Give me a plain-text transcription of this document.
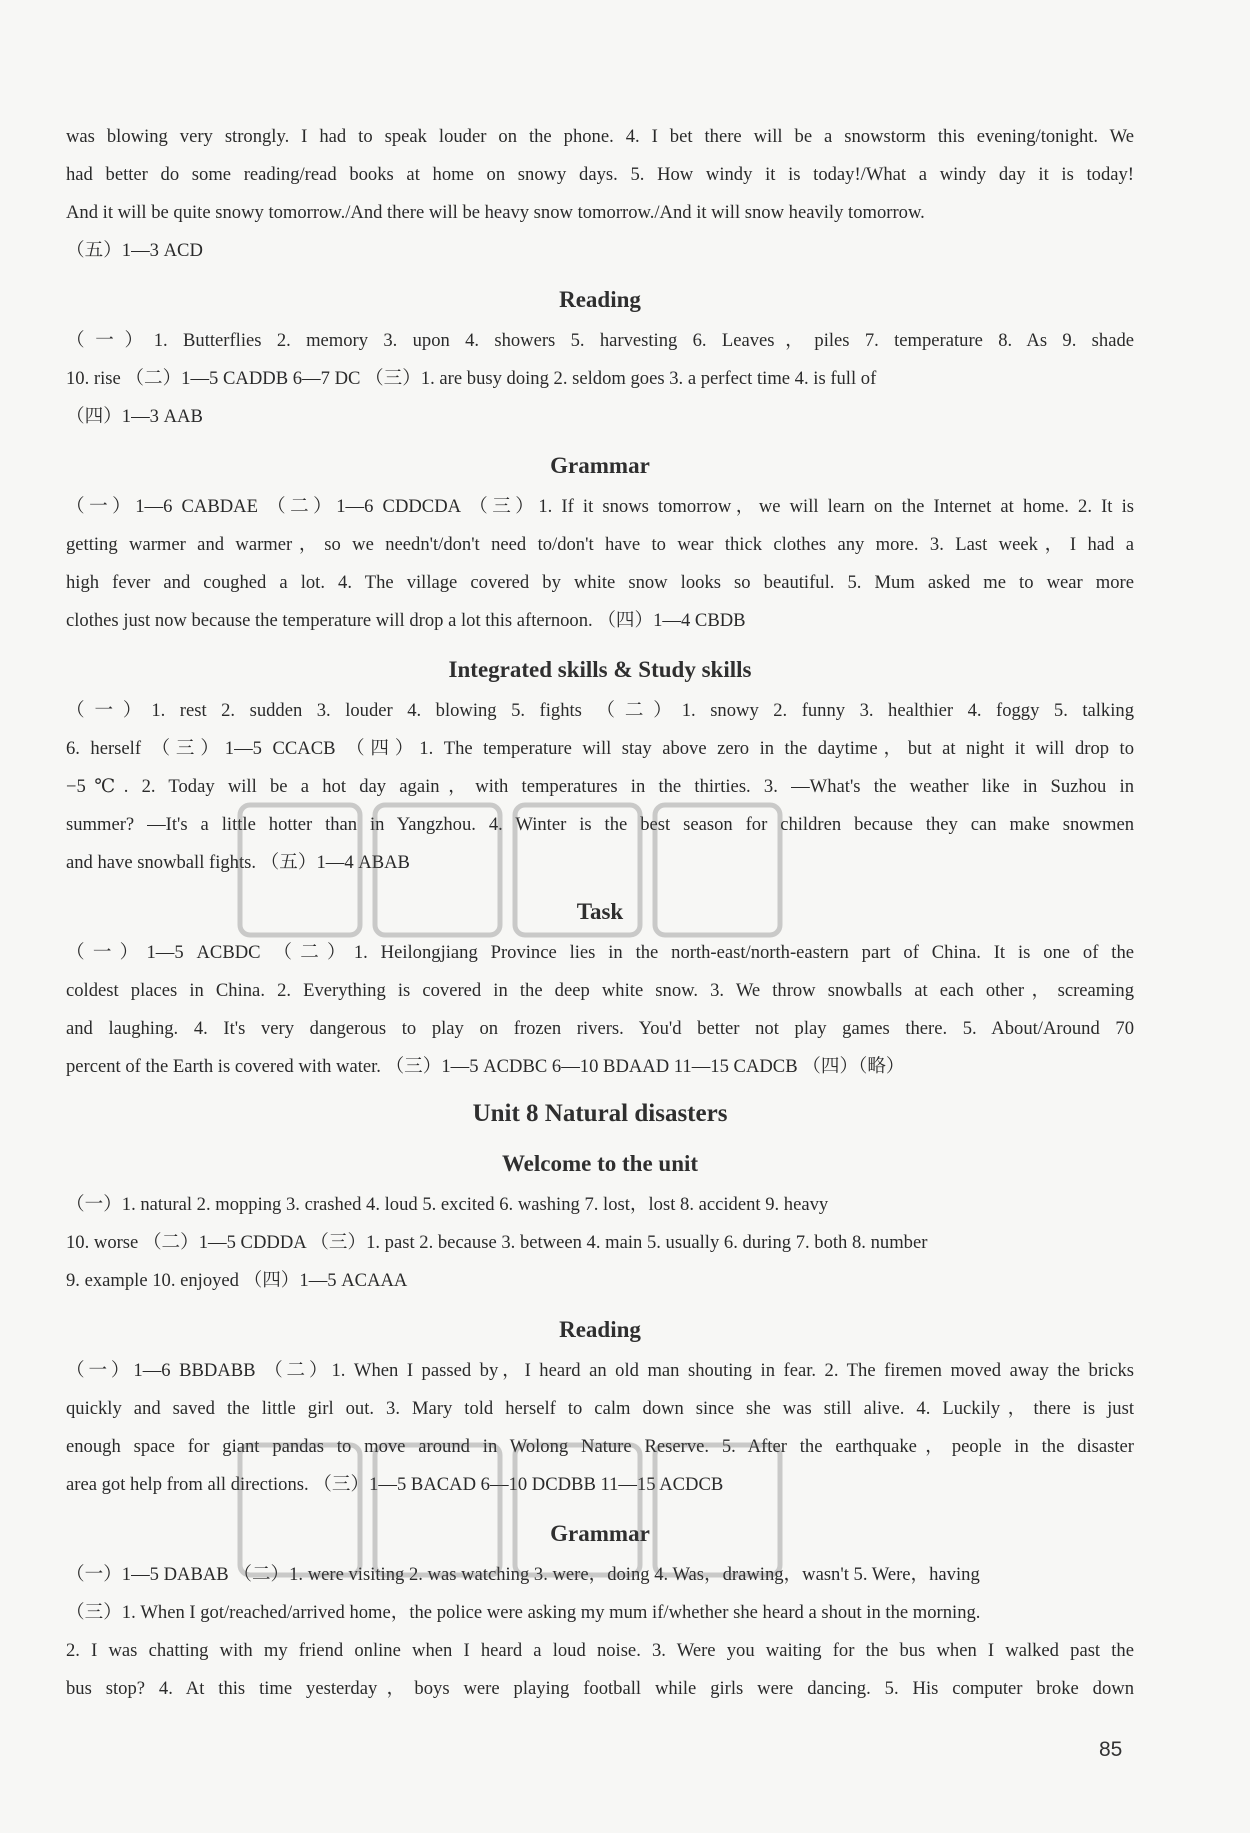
was blowing very strongly. I had to speak louder on the phone. 4. I bet there will be a snowstorm this evening/tonight. We
had better do some reading/read books at home on snowy days. 5. How windy it is today!/What a windy day it is today!
And it will be quite snowy tomorrow./And there will be heavy snow tomorrow./And it will snow heavily tomorrow.
（五）1—3 ACD
Reading
（一）1. Butterflies 2. memory 3. upon 4. showers 5. harvesting 6. Leaves，piles 7. temperature 8. As 9. shade
10. rise （二）1—5 CADDB 6—7 DC （三）1. are busy doing 2. seldom goes 3. a perfect time 4. is full of
（四）1—3 AAB
Grammar
（一）1—6 CABDAE （二）1—6 CDDCDA （三）1. If it snows tomorrow，we will learn on the Internet at home. 2. It is
getting warmer and warmer，so we needn't/don't need to/don't have to wear thick clothes any more. 3. Last week，I had a
high fever and coughed a lot. 4. The village covered by white snow looks so beautiful. 5. Mum asked me to wear more
clothes just now because the temperature will drop a lot this afternoon. （四）1—4 CBDB
Integrated skills & Study skills
（一）1. rest 2. sudden 3. louder 4. blowing 5. fights （二）1. snowy 2. funny 3. healthier 4. foggy 5. talking
6. herself （三）1—5 CCACB （四）1. The temperature will stay above zero in the daytime，but at night it will drop to
−5℃. 2. Today will be a hot day again，with temperatures in the thirties. 3. —What's the weather like in Suzhou in
summer? —It's a little hotter than in Yangzhou. 4. Winter is the best season for children because they can make snowmen
and have snowball fights. （五）1—4 ABAB
Task
（一）1—5 ACBDC （二）1. Heilongjiang Province lies in the north-east/north-eastern part of China. It is one of the
coldest places in China. 2. Everything is covered in the deep white snow. 3. We throw snowballs at each other，screaming
and laughing. 4. It's very dangerous to play on frozen rivers. You'd better not play games there. 5. About/Around 70
percent of the Earth is covered with water. （三）1—5 ACDBC 6—10 BDAAD 11—15 CADCB （四）（略）
Unit 8 Natural disasters
Welcome to the unit
（一）1. natural 2. mopping 3. crashed 4. loud 5. excited 6. washing 7. lost，lost 8. accident 9. heavy
10. worse （二）1—5 CDDDA （三）1. past 2. because 3. between 4. main 5. usually 6. during 7. both 8. number
9. example 10. enjoyed （四）1—5 ACAAA
Reading
（一）1—6 BBDABB （二）1. When I passed by，I heard an old man shouting in fear. 2. The firemen moved away the bricks
quickly and saved the little girl out. 3. Mary told herself to calm down since she was still alive. 4. Luckily，there is just
enough space for giant pandas to move around in Wolong Nature Reserve. 5. After the earthquake，people in the disaster
area got help from all directions. （三）1—5 BACAD 6—10 DCDBB 11—15 ACDCB
Grammar
（一）1—5 DABAB （二）1. were visiting 2. was watching 3. were，doing 4. Was，drawing，wasn't 5. Were，having
（三）1. When I got/reached/arrived home，the police were asking my mum if/whether she heard a shout in the morning.
2. I was chatting with my friend online when I heard a loud noise. 3. Were you waiting for the bus when I walked past the
bus stop? 4. At this time yesterday，boys were playing football while girls were dancing. 5. His computer broke down
85
